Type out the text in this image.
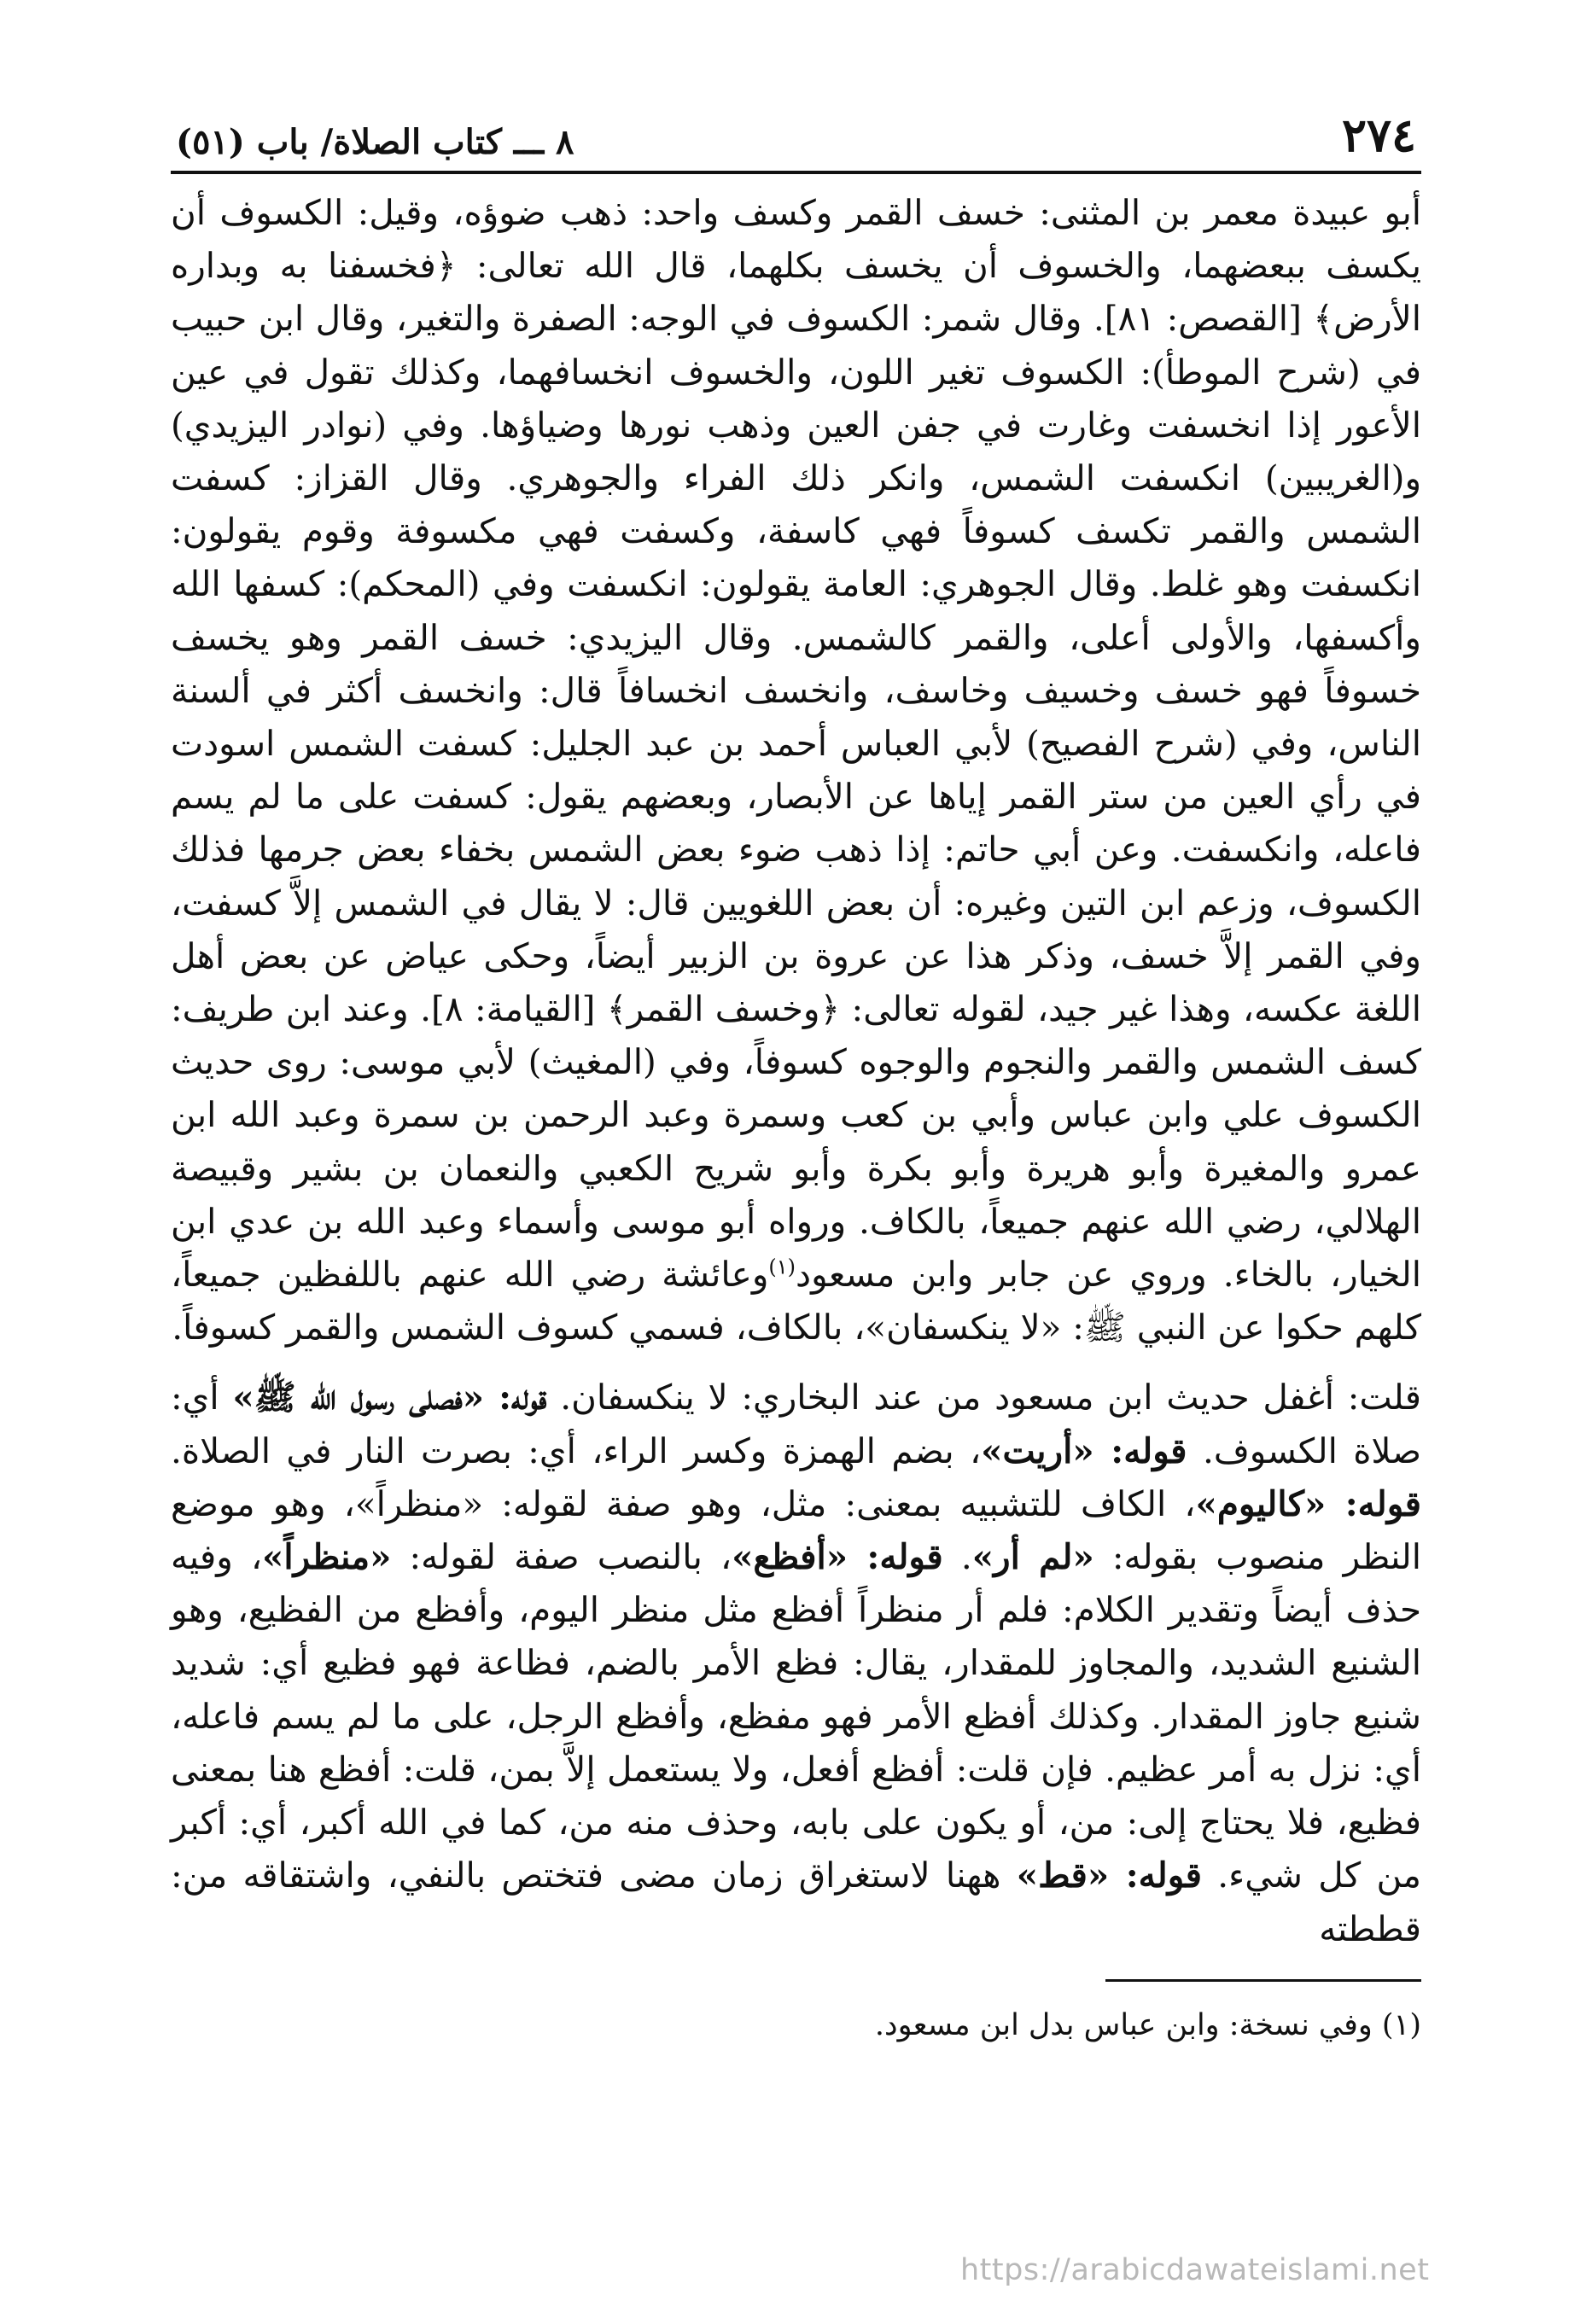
٢٧٤
٨ ـــ كتاب الصلاة/ باب (٥١)

أبو عبيدة معمر بن المثنى: خسف القمر وكسف واحد: ذهب ضوؤه، وقيل: الكسوف أن يكسف ببعضهما، والخسوف أن يخسف بكلهما، قال الله تعالى: ﴿فخسفنا به وبداره الأرض﴾ [القصص: ٨١]. وقال شمر: الكسوف في الوجه: الصفرة والتغير، وقال ابن حبيب في (شرح الموطأ): الكسوف تغير اللون، والخسوف انخسافهما، وكذلك تقول في عين الأعور إذا انخسفت وغارت في جفن العين وذهب نورها وضياؤها. وفي (نوادر اليزيدي) و(الغريبين) انكسفت الشمس، وانكر ذلك الفراء والجوهري. وقال القزاز: كسفت الشمس والقمر تكسف كسوفاً فهي كاسفة، وكسفت فهي مكسوفة وقوم يقولون: انكسفت وهو غلط. وقال الجوهري: العامة يقولون: انكسفت وفي (المحكم): كسفها الله وأكسفها، والأولى أعلى، والقمر كالشمس. وقال اليزيدي: خسف القمر وهو يخسف خسوفاً فهو خسف وخسيف وخاسف، وانخسف انخسافاً قال: وانخسف أكثر في ألسنة الناس، وفي (شرح الفصيح) لأبي العباس أحمد بن عبد الجليل: كسفت الشمس اسودت في رأي العين من ستر القمر إياها عن الأبصار، وبعضهم يقول: كسفت على ما لم يسم فاعله، وانكسفت. وعن أبي حاتم: إذا ذهب ضوء بعض الشمس بخفاء بعض جرمها فذلك الكسوف، وزعم ابن التين وغيره: أن بعض اللغويين قال: لا يقال في الشمس إلاَّ كسفت، وفي القمر إلاَّ خسف، وذكر هذا عن عروة بن الزبير أيضاً، وحكى عياض عن بعض أهل اللغة عكسه، وهذا غير جيد، لقوله تعالى: ﴿وخسف القمر﴾ [القيامة: ٨]. وعند ابن طريف: كسف الشمس والقمر والنجوم والوجوه كسوفاً، وفي (المغيث) لأبي موسى: روى حديث الكسوف علي وابن عباس وأبي بن كعب وسمرة وعبد الرحمن بن سمرة وعبد الله ابن عمرو والمغيرة وأبو هريرة وأبو بكرة وأبو شريح الكعبي والنعمان بن بشير وقبيصة الهلالي، رضي الله عنهم جميعاً، بالكاف. ورواه أبو موسى وأسماء وعبد الله بن عدي ابن الخيار، بالخاء. وروي عن جابر وابن مسعود$^{(١)}$وعائشة رضي الله عنهم باللفظين جميعاً، كلهم حكوا عن النبي ﷺ: «لا ينكسفان»، بالكاف، فسمي كسوف الشمس والقمر كسوفاً.

قلت: أغفل حديث ابن مسعود من عند البخاري: لا ينكسفان. قوله: «فصلى رسول الله ﷺ» أي: صلاة الكسوف. قوله: «أريت»، بضم الهمزة وكسر الراء، أي: بصرت النار في الصلاة. قوله: «كاليوم»، الكاف للتشبيه بمعنى: مثل، وهو صفة لقوله: «منظراً»، وهو موضع النظر منصوب بقوله: «لم أر». قوله: «أفظع»، بالنصب صفة لقوله: «منظراً»، وفيه حذف أيضاً وتقدير الكلام: فلم أر منظراً أفظع مثل منظر اليوم، وأفظع من الفظيع، وهو الشنيع الشديد، والمجاوز للمقدار، يقال: فظع الأمر بالضم، فظاعة فهو فظيع أي: شديد شنيع جاوز المقدار. وكذلك أفظع الأمر فهو مفظع، وأفظع الرجل، على ما لم يسم فاعله، أي: نزل به أمر عظيم. فإن قلت: أفظع أفعل، ولا يستعمل إلاَّ بمن، قلت: أفظع هنا بمعنى فظيع، فلا يحتاج إلى: من، أو يكون على بابه، وحذف منه من، كما في الله أكبر، أي: أكبر من كل شيء. قوله: «قط» ههنا لاستغراق زمان مضى فتختص بالنفي، واشتقاقه من: قططته

(١) وفي نسخة: وابن عباس بدل ابن مسعود.
https://arabicdawateislami.net
